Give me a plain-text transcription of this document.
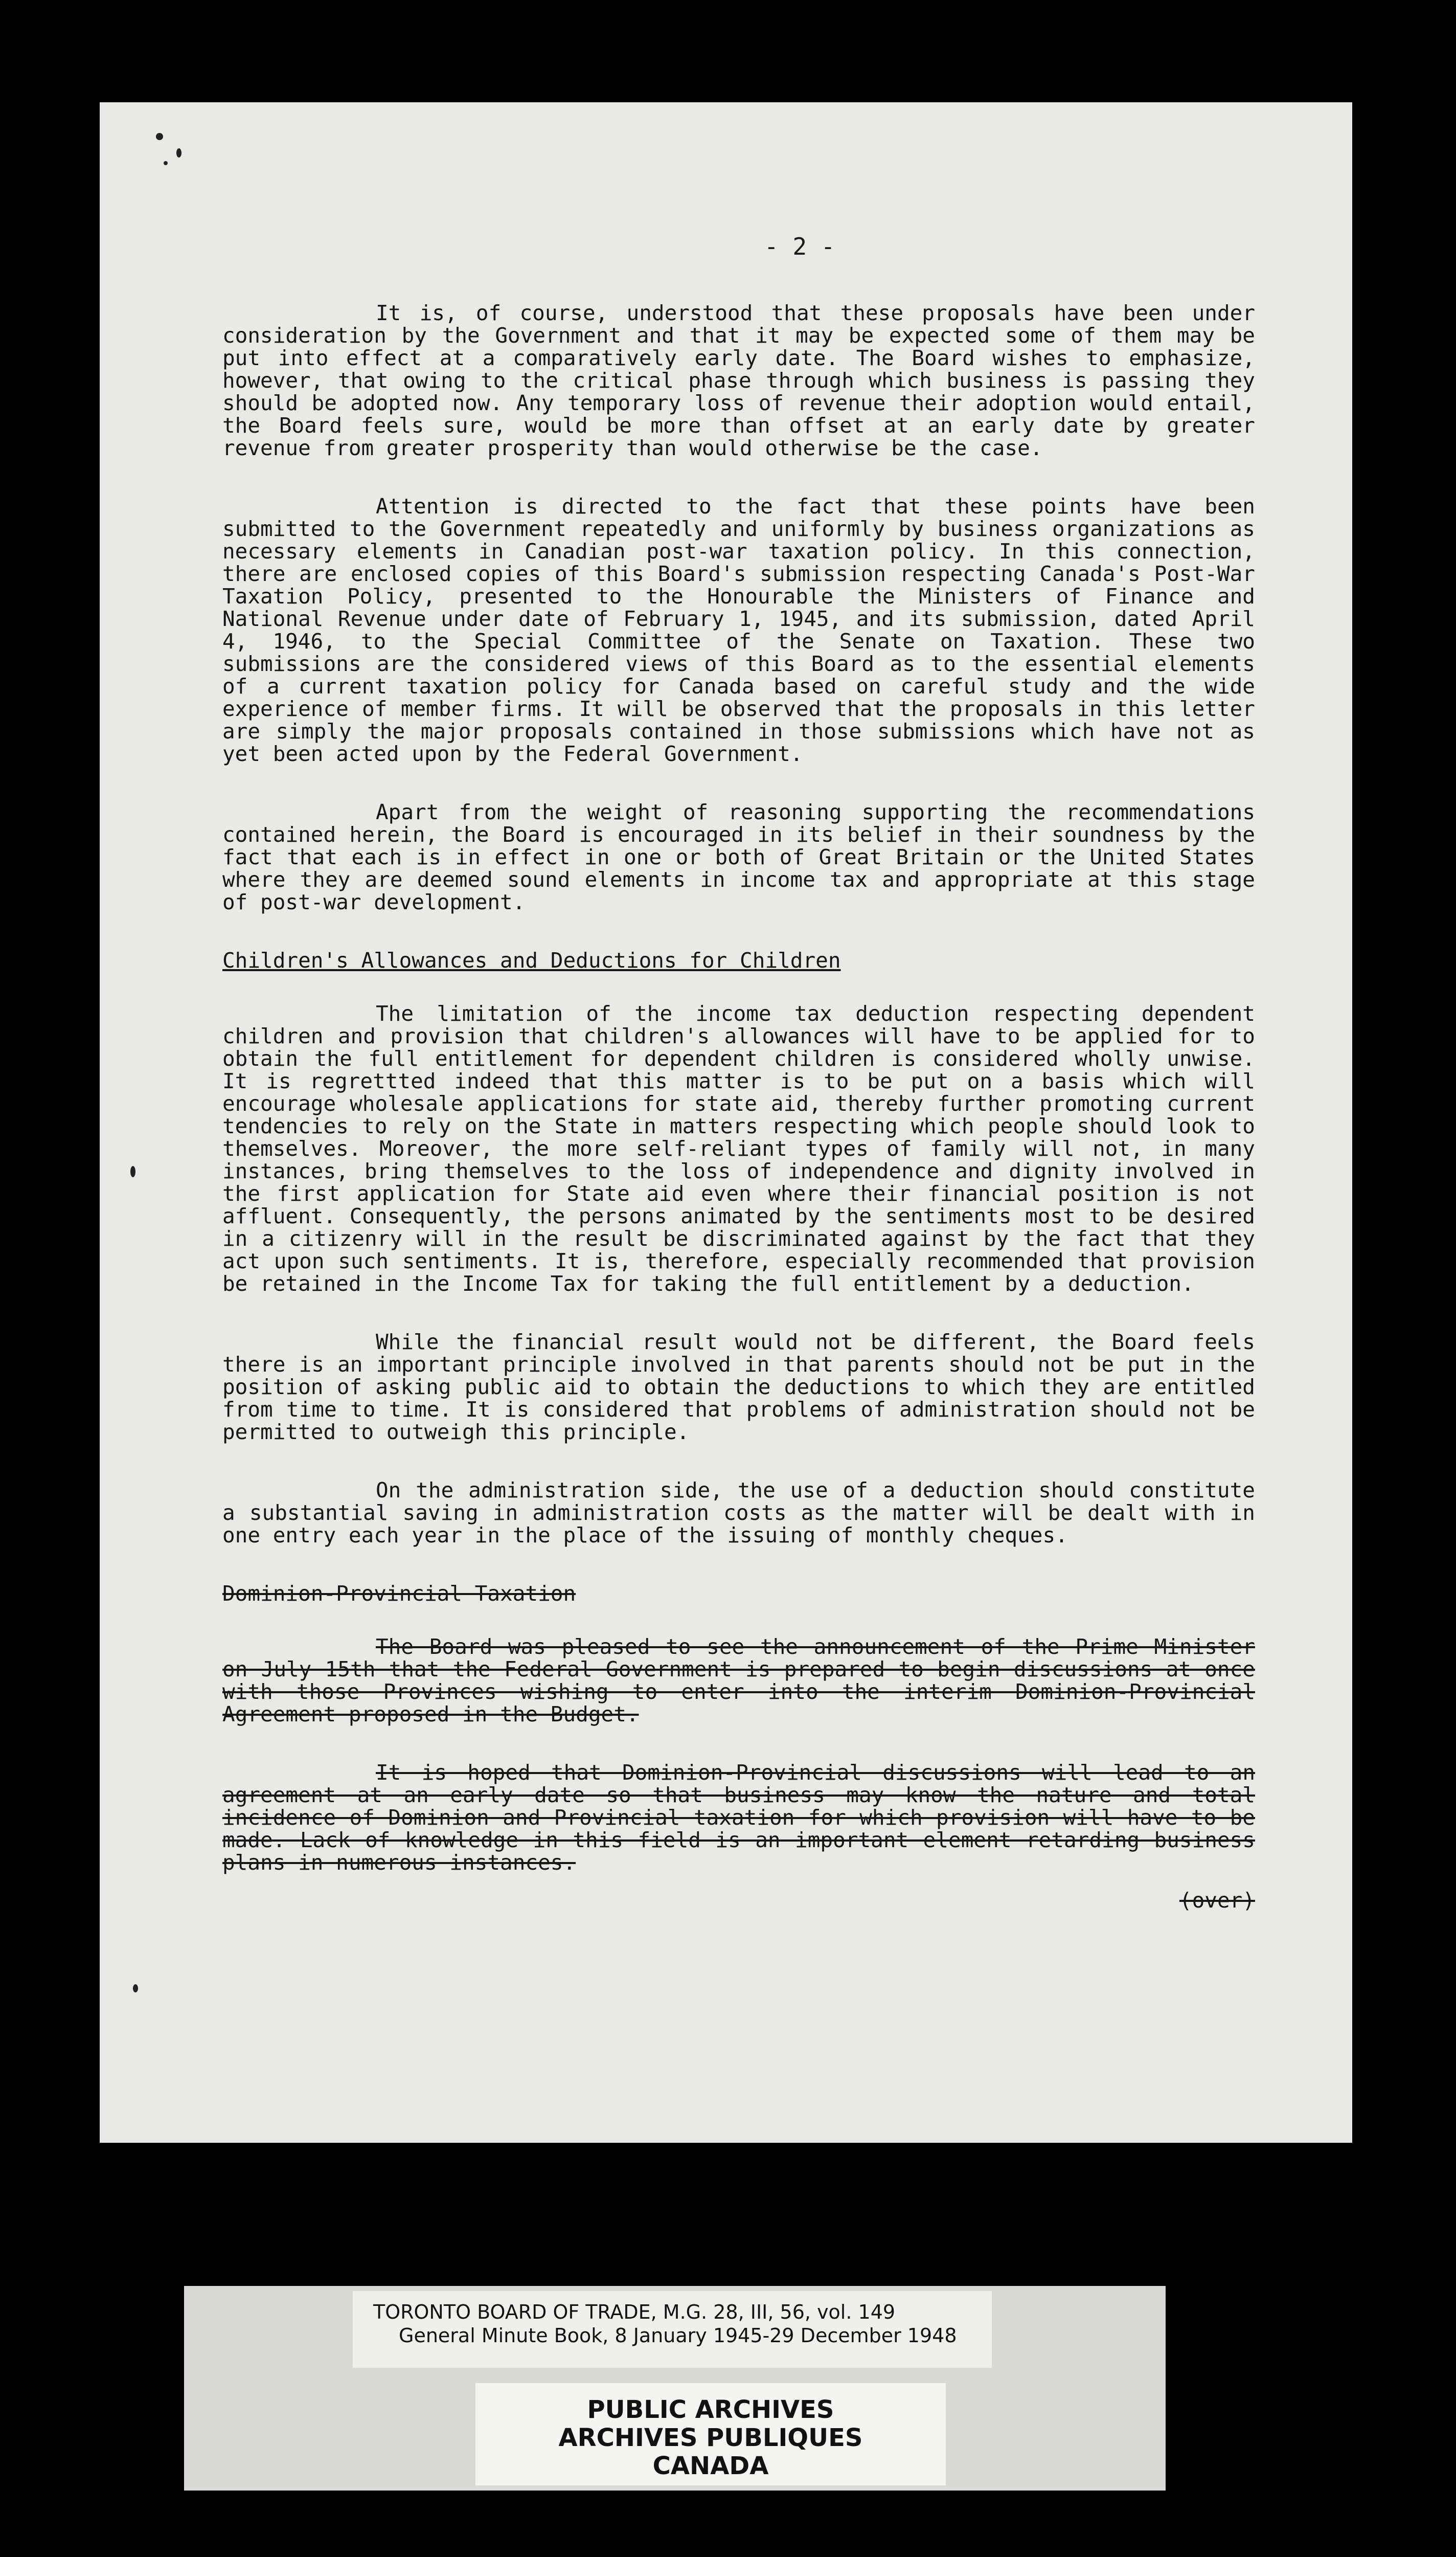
- 2 -

It is, of course, understood that these proposals have been under consideration by the Government and that it may be expected some of them may be put into effect at a comparatively early date. The Board wishes to emphasize, however, that owing to the critical phase through which business is passing they should be adopted now. Any temporary loss of revenue their adoption would entail, the Board feels sure, would be more than offset at an early date by greater revenue from greater prosperity than would otherwise be the case.

Attention is directed to the fact that these points have been submitted to the Government repeatedly and uniformly by business organizations as necessary elements in Canadian post-war taxation policy. In this connection, there are enclosed copies of this Board's submission respecting Canada's Post-War Taxation Policy, presented to the Honourable the Ministers of Finance and National Revenue under date of February 1, 1945, and its submission, dated April 4, 1946, to the Special Committee of the Senate on Taxation. These two submissions are the considered views of this Board as to the essential elements of a current taxation policy for Canada based on careful study and the wide experience of member firms. It will be observed that the proposals in this letter are simply the major proposals contained in those submissions which have not as yet been acted upon by the Federal Government.

Apart from the weight of reasoning supporting the recommendations contained herein, the Board is encouraged in its belief in their soundness by the fact that each is in effect in one or both of Great Britain or the United States where they are deemed sound elements in income tax and appropriate at this stage of post-war development.

Children's Allowances and Deductions for Children

The limitation of the income tax deduction respecting dependent children and provision that children's allowances will have to be applied for to obtain the full entitlement for dependent children is considered wholly unwise. It is regrettted indeed that this matter is to be put on a basis which will encourage wholesale applications for state aid, thereby further promoting current tendencies to rely on the State in matters respecting which people should look to themselves. Moreover, the more self-reliant types of family will not, in many instances, bring themselves to the loss of independence and dignity involved in the first application for State aid even where their financial position is not affluent. Consequently, the persons animated by the sentiments most to be desired in a citizenry will in the result be discriminated against by the fact that they act upon such sentiments. It is, therefore, especially recommended that provision be retained in the Income Tax for taking the full entitlement by a deduction.

While the financial result would not be different, the Board feels there is an important principle involved in that parents should not be put in the position of asking public aid to obtain the deductions to which they are entitled from time to time. It is considered that problems of administration should not be permitted to outweigh this principle.

On the administration side, the use of a deduction should constitute a substantial saving in administration costs as the matter will be dealt with in one entry each year in the place of the issuing of monthly cheques.

Dominion-Provincial Taxation

The Board was pleased to see the announcement of the Prime Minister on July 15th that the Federal Government is prepared to begin discussions at once with those Provinces wishing to enter into the interim Dominion-Provincial Agreement proposed in the Budget.

It is hoped that Dominion-Provincial discussions will lead to an agreement at an early date so that business may know the nature and total incidence of Dominion and Provincial taxation for which provision will have to be made. Lack of knowledge in this field is an important element retarding business plans in numerous instances.

(over)
TORONTO BOARD OF TRADE, M.G. 28, III, 56, vol. 149
General Minute Book, 8 January 1945-29 December 1948
PUBLIC ARCHIVES
ARCHIVES PUBLIQUES
CANADA
